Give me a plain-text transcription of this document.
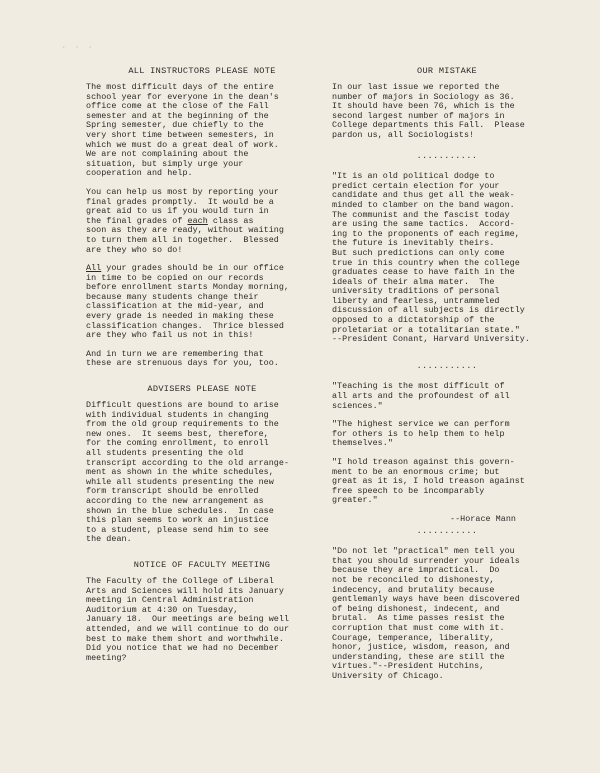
· · ·
ALL INSTRUCTORS PLEASE NOTE
The most difficult days of the entire
school year for everyone in the dean's
office come at the close of the Fall
semester and at the beginning of the
Spring semester, due chiefly to the
very short time between semesters, in
which we must do a great deal of work.
We are not complaining about the
situation, but simply urge your
cooperation and help.
You can help us most by reporting your
final grades promptly.  It would be a
great aid to us if you would turn in
the final grades of each class as
soon as they are ready, without waiting
to turn them all in together.  Blessed
are they who so do!
All your grades should be in our office
in time to be copied on our records
before enrollment starts Monday morning,
because many students change their
classification at the mid-year, and
every grade is needed in making these
classification changes.  Thrice blessed
are they who fail us not in this!
And in turn we are remembering that
these are strenuous days for you, too.
ADVISERS PLEASE NOTE
Difficult questions are bound to arise
with individual students in changing
from the old group requirements to the
new ones.  It seems best, therefore,
for the coming enrollment, to enroll
all students presenting the old
transcript according to the old arrange-
ment as shown in the white schedules,
while all students presenting the new
form transcript should be enrolled
according to the new arrangement as
shown in the blue schedules.  In case
this plan seems to work an injustice
to a student, please send him to see
the dean.
NOTICE OF FACULTY MEETING
The Faculty of the College of Liberal
Arts and Sciences will hold its January
meeting in Central Administration
Auditorium at 4:30 on Tuesday,
January 18.  Our meetings are being well
attended, and we will continue to do our
best to make them short and worthwhile.
Did you notice that we had no December
meeting?
OUR MISTAKE
In our last issue we reported the
number of majors in Sociology as 36.
It should have been 76, which is the
second largest number of majors in
College departments this Fall.  Please
pardon us, all Sociologists!
...........
"It is an old political dodge to
predict certain election for your
candidate and thus get all the weak-
minded to clamber on the band wagon.
The communist and the fascist today
are using the same tactics.  Accord-
ing to the proponents of each regime,
the future is inevitably theirs.
But such predictions can only come
true in this country when the college
graduates cease to have faith in the
ideals of their alma mater.  The
university traditions of personal
liberty and fearless, untrammeled
discussion of all subjects is directly
opposed to a dictatorship of the
proletariat or a totalitarian state."
--President Conant, Harvard University.
...........
"Teaching is the most difficult of
all arts and the profoundest of all
sciences."
"The highest service we can perform
for others is to help them to help
themselves."
"I hold treason against this govern-
ment to be an enormous crime; but
great as it is, I hold treason against
free speech to be incomparably
greater."
--Horace Mann
...........
"Do not let "practical" men tell you
that you should surrender your ideals
because they are impractical.  Do
not be reconciled to dishonesty,
indecency, and brutality because
gentlemanly ways have been discovered
of being dishonest, indecent, and
brutal.  As time passes resist the
corruption that must come with it.
Courage, temperance, liberality,
honor, justice, wisdom, reason, and
understanding, these are still the
virtues."--President Hutchins,
University of Chicago.
